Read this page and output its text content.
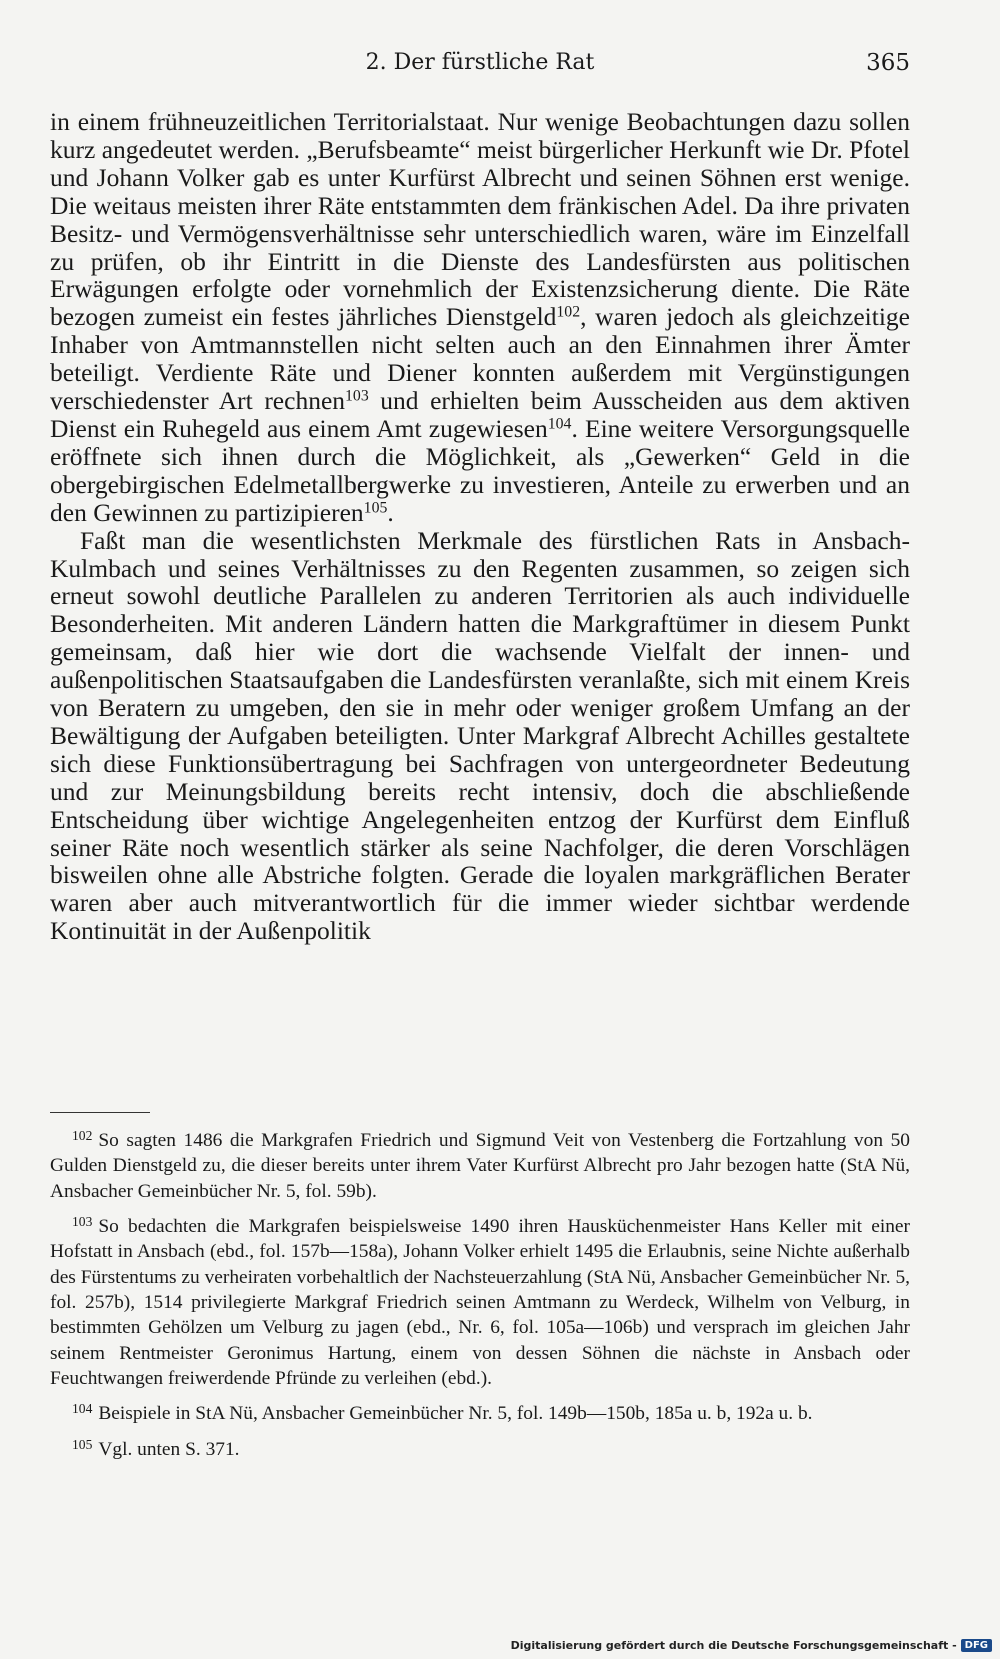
2. Der fürstliche Rat	365

in einem frühneuzeitlichen Territorialstaat. Nur wenige Beobachtungen dazu sollen kurz angedeutet werden. „Berufsbeamte“ meist bürgerlicher Herkunft wie Dr. Pfotel und Johann Volker gab es unter Kurfürst Albrecht und seinen Söhnen erst wenige. Die weitaus meisten ihrer Räte entstammten dem fränkischen Adel. Da ihre privaten Besitz- und Vermögensverhältnisse sehr unterschiedlich waren, wäre im Einzelfall zu prüfen, ob ihr Eintritt in die Dienste des Landesfürsten aus politischen Erwägungen erfolgte oder vornehmlich der Existenzsicherung diente. Die Räte bezogen zumeist ein festes jährliches Dienstgeld$^{102}$, waren jedoch als gleichzeitige Inhaber von Amtmannstellen nicht selten auch an den Einnahmen ihrer Ämter beteiligt. Verdiente Räte und Diener konnten außerdem mit Vergünstigungen verschiedenster Art rechnen$^{103}$ und erhielten beim Ausscheiden aus dem aktiven Dienst ein Ruhegeld aus einem Amt zugewiesen$^{104}$. Eine weitere Versorgungsquelle eröffnete sich ihnen durch die Möglichkeit, als „Gewerken“ Geld in die obergebirgischen Edelmetallbergwerke zu investieren, Anteile zu erwerben und an den Gewinnen zu partizipieren$^{105}$.

Faßt man die wesentlichsten Merkmale des fürstlichen Rats in Ansbach-Kulmbach und seines Verhältnisses zu den Regenten zusammen, so zeigen sich erneut sowohl deutliche Parallelen zu anderen Territorien als auch individuelle Besonderheiten. Mit anderen Ländern hatten die Markgraftümer in diesem Punkt gemeinsam, daß hier wie dort die wachsende Vielfalt der innen- und außenpolitischen Staatsaufgaben die Landesfürsten veranlaßte, sich mit einem Kreis von Beratern zu umgeben, den sie in mehr oder weniger großem Umfang an der Bewältigung der Aufgaben beteiligten. Unter Markgraf Albrecht Achilles gestaltete sich diese Funktionsübertragung bei Sachfragen von untergeordneter Bedeutung und zur Meinungsbildung bereits recht intensiv, doch die abschließende Entscheidung über wichtige Angelegenheiten entzog der Kurfürst dem Einfluß seiner Räte noch wesentlich stärker als seine Nachfolger, die deren Vorschlägen bisweilen ohne alle Abstriche folgten. Gerade die loyalen markgräflichen Berater waren aber auch mitverantwortlich für die immer wieder sichtbar werdende Kontinuität in der Außenpolitik

$^{102}$ So sagten 1486 die Markgrafen Friedrich und Sigmund Veit von Vestenberg die Fortzahlung von 50 Gulden Dienstgeld zu, die dieser bereits unter ihrem Vater Kurfürst Albrecht pro Jahr bezogen hatte (StA Nü, Ansbacher Gemeinbücher Nr. 5, fol. 59b).

$^{103}$ So bedachten die Markgrafen beispielsweise 1490 ihren Hausküchenmeister Hans Keller mit einer Hofstatt in Ansbach (ebd., fol. 157b—158a), Johann Volker erhielt 1495 die Erlaubnis, seine Nichte außerhalb des Fürstentums zu verheiraten vorbehaltlich der Nachsteuerzahlung (StA Nü, Ansbacher Gemeinbücher Nr. 5, fol. 257b), 1514 privilegierte Markgraf Friedrich seinen Amtmann zu Werdeck, Wilhelm von Velburg, in bestimmten Gehölzen um Velburg zu jagen (ebd., Nr. 6, fol. 105a—106b) und versprach im gleichen Jahr seinem Rentmeister Geronimus Hartung, einem von dessen Söhnen die nächste in Ansbach oder Feuchtwangen freiwerdende Pfründe zu verleihen (ebd.).

$^{104}$ Beispiele in StA Nü, Ansbacher Gemeinbücher Nr. 5, fol. 149b—150b, 185a u. b, 192a u. b.

$^{105}$ Vgl. unten S. 371.

Digitalisierung gefördert durch die Deutsche Forschungsgemeinschaft - DFG
